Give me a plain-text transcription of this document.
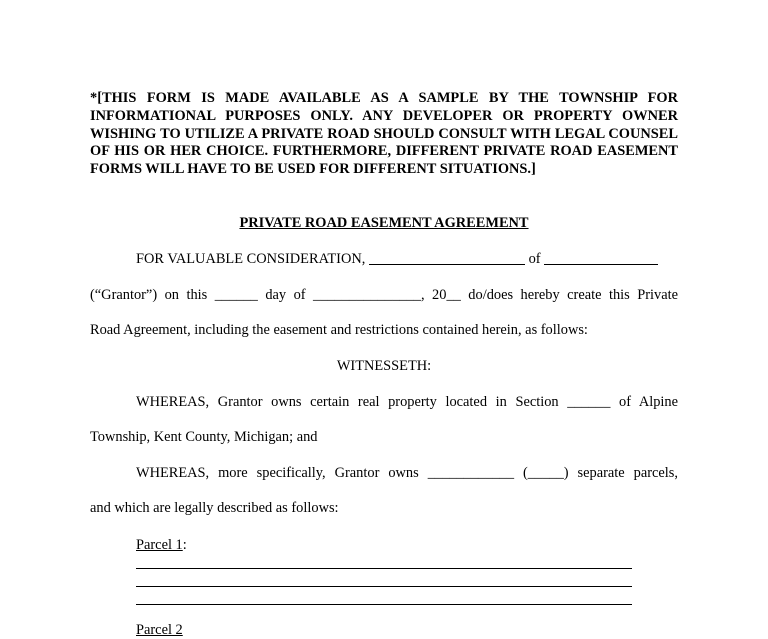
*[THIS FORM IS MADE AVAILABLE AS A SAMPLE BY THE TOWNSHIP FOR INFORMATIONAL PURPOSES ONLY. ANY DEVELOPER OR PROPERTY OWNER WISHING TO UTILIZE A PRIVATE ROAD SHOULD CONSULT WITH LEGAL COUNSEL OF HIS OR HER CHOICE. FURTHERMORE, DIFFERENT PRIVATE ROAD EASEMENT FORMS WILL HAVE TO BE USED FOR DIFFERENT SITUATIONS.]
PRIVATE ROAD EASEMENT AGREEMENT
FOR VALUABLE CONSIDERATION,	of
(“Grantor”) on this ______ day of _______________, 20__ do/does hereby create this Private
Road Agreement, including the easement and restrictions contained herein, as follows:
WITNESSETH:
WHEREAS, Grantor owns certain real property located in Section ______ of Alpine
Township, Kent County, Michigan; and
WHEREAS, more specifically, Grantor owns ____________ (_____) separate parcels,
and which are legally described as follows:
Parcel 1:
Parcel 2
